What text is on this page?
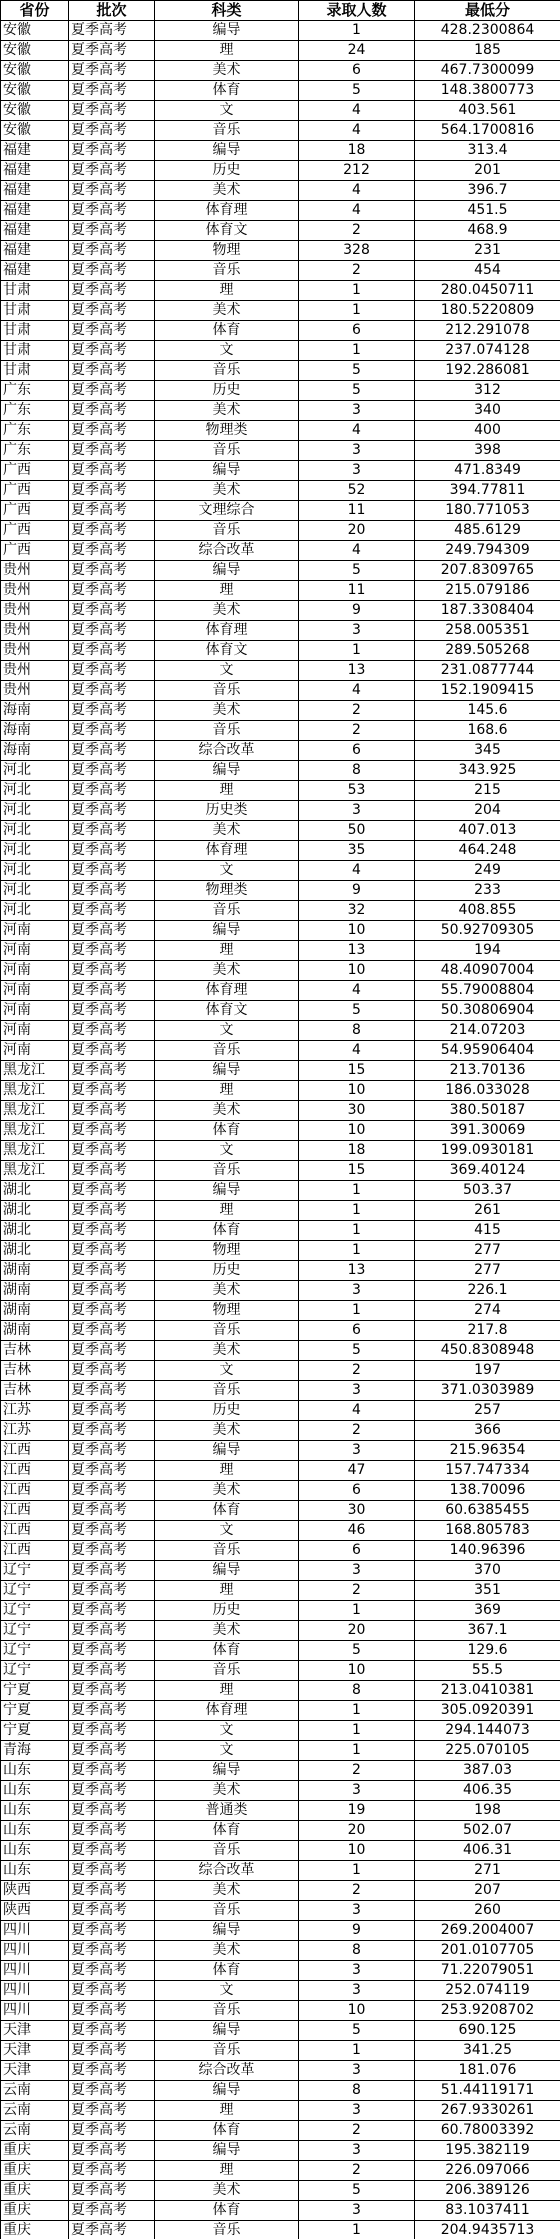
省份	批次	科类	录取人数	最低分
安徽	夏季高考	编导	1	428.2300864
安徽	夏季高考	理	24	185
安徽	夏季高考	美术	6	467.7300099
安徽	夏季高考	体育	5	148.3800773
安徽	夏季高考	文	4	403.561
安徽	夏季高考	音乐	4	564.1700816
福建	夏季高考	编导	18	313.4
福建	夏季高考	历史	212	201
福建	夏季高考	美术	4	396.7
福建	夏季高考	体育理	4	451.5
福建	夏季高考	体育文	2	468.9
福建	夏季高考	物理	328	231
福建	夏季高考	音乐	2	454
甘肃	夏季高考	理	1	280.0450711
甘肃	夏季高考	美术	1	180.5220809
甘肃	夏季高考	体育	6	212.291078
甘肃	夏季高考	文	1	237.074128
甘肃	夏季高考	音乐	5	192.286081
广东	夏季高考	历史	5	312
广东	夏季高考	美术	3	340
广东	夏季高考	物理类	4	400
广东	夏季高考	音乐	3	398
广西	夏季高考	编导	3	471.8349
广西	夏季高考	美术	52	394.77811
广西	夏季高考	文理综合	11	180.771053
广西	夏季高考	音乐	20	485.6129
广西	夏季高考	综合改革	4	249.794309
贵州	夏季高考	编导	5	207.8309765
贵州	夏季高考	理	11	215.079186
贵州	夏季高考	美术	9	187.3308404
贵州	夏季高考	体育理	3	258.005351
贵州	夏季高考	体育文	1	289.505268
贵州	夏季高考	文	13	231.0877744
贵州	夏季高考	音乐	4	152.1909415
海南	夏季高考	美术	2	145.6
海南	夏季高考	音乐	2	168.6
海南	夏季高考	综合改革	6	345
河北	夏季高考	编导	8	343.925
河北	夏季高考	理	53	215
河北	夏季高考	历史类	3	204
河北	夏季高考	美术	50	407.013
河北	夏季高考	体育理	35	464.248
河北	夏季高考	文	4	249
河北	夏季高考	物理类	9	233
河北	夏季高考	音乐	32	408.855
河南	夏季高考	编导	10	50.92709305
河南	夏季高考	理	13	194
河南	夏季高考	美术	10	48.40907004
河南	夏季高考	体育理	4	55.79008804
河南	夏季高考	体育文	5	50.30806904
河南	夏季高考	文	8	214.07203
河南	夏季高考	音乐	4	54.95906404
黑龙江	夏季高考	编导	15	213.70136
黑龙江	夏季高考	理	10	186.033028
黑龙江	夏季高考	美术	30	380.50187
黑龙江	夏季高考	体育	10	391.30069
黑龙江	夏季高考	文	18	199.0930181
黑龙江	夏季高考	音乐	15	369.40124
湖北	夏季高考	编导	1	503.37
湖北	夏季高考	理	1	261
湖北	夏季高考	体育	1	415
湖北	夏季高考	物理	1	277
湖南	夏季高考	历史	13	277
湖南	夏季高考	美术	3	226.1
湖南	夏季高考	物理	1	274
湖南	夏季高考	音乐	6	217.8
吉林	夏季高考	美术	5	450.8308948
吉林	夏季高考	文	2	197
吉林	夏季高考	音乐	3	371.0303989
江苏	夏季高考	历史	4	257
江苏	夏季高考	美术	2	366
江西	夏季高考	编导	3	215.96354
江西	夏季高考	理	47	157.747334
江西	夏季高考	美术	6	138.70096
江西	夏季高考	体育	30	60.6385455
江西	夏季高考	文	46	168.805783
江西	夏季高考	音乐	6	140.96396
辽宁	夏季高考	编导	3	370
辽宁	夏季高考	理	2	351
辽宁	夏季高考	历史	1	369
辽宁	夏季高考	美术	20	367.1
辽宁	夏季高考	体育	5	129.6
辽宁	夏季高考	音乐	10	55.5
宁夏	夏季高考	理	8	213.0410381
宁夏	夏季高考	体育理	1	305.0920391
宁夏	夏季高考	文	1	294.144073
青海	夏季高考	文	1	225.070105
山东	夏季高考	编导	2	387.03
山东	夏季高考	美术	3	406.35
山东	夏季高考	普通类	19	198
山东	夏季高考	体育	20	502.07
山东	夏季高考	音乐	10	406.31
山东	夏季高考	综合改革	1	271
陕西	夏季高考	美术	2	207
陕西	夏季高考	音乐	3	260
四川	夏季高考	编导	9	269.2004007
四川	夏季高考	美术	8	201.0107705
四川	夏季高考	体育	3	71.22079051
四川	夏季高考	文	3	252.074119
四川	夏季高考	音乐	10	253.9208702
天津	夏季高考	编导	5	690.125
天津	夏季高考	音乐	1	341.25
天津	夏季高考	综合改革	3	181.076
云南	夏季高考	编导	8	51.44119171
云南	夏季高考	理	3	267.9330261
云南	夏季高考	体育	2	60.78003392
重庆	夏季高考	编导	3	195.382119
重庆	夏季高考	理	2	226.097066
重庆	夏季高考	美术	5	206.389126
重庆	夏季高考	体育	3	83.1037411
重庆	夏季高考	音乐	1	204.9435713
